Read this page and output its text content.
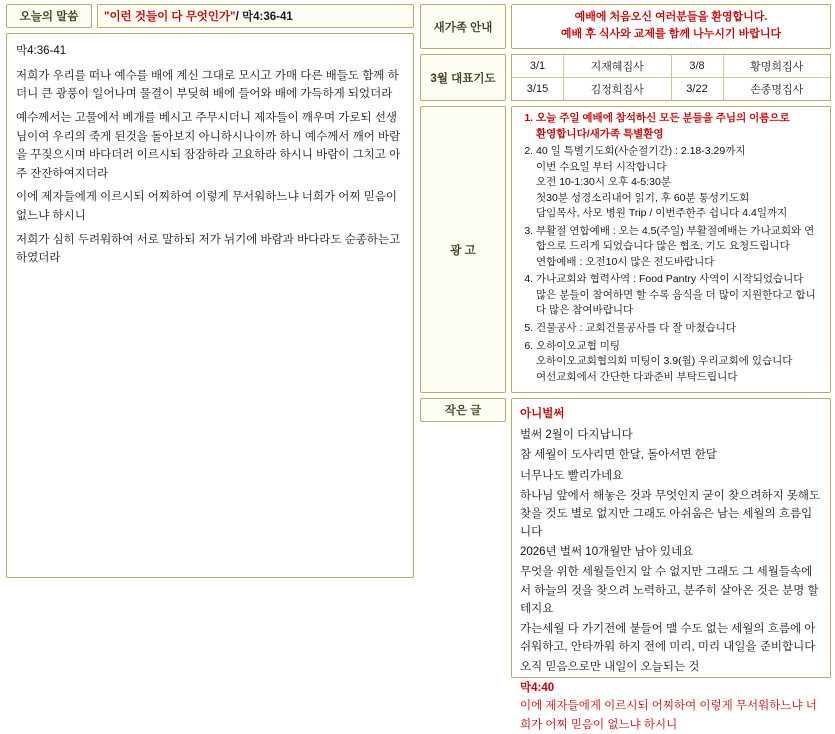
오늘의 말씀	"이런 것들이 다 무엇인가" / 막4:36-41
막4:36-41

저희가 우리를 떠나 예수를 배에 계신 그대로 모시고 가매 다른 배들도 함께 하더니 큰 광풍이 일어나며 물결이 부딪혀 배에 들어와 배에 가득하게 되었더라

예수께서는 고물에서 베개를 베시고 주무시더니 제자들이 깨우며 가로되 선생님이여 우리의 죽게 된것을 돌아보지 아니하시나이까 하니 예수께서 깨어 바람을 꾸짖으시며 바다더러 이르시되 잠잠하라 고요하라 하시니 바람이 그치고 아주 잔잔하여지더라

이에 제자들에게 이르시되 어찌하여 이렇게 무서워하느냐 너희가 어찌 믿음이 없느냐 하시니

저희가 심히 두려워하여 서로 말하되 저가 뉘기에 바람과 바다라도 순종하는고 하였더라

새가족 안내
예배에 처음오신 여러분들을 환영합니다.
예배 후 식사와 교제를 함께 나누시기 바랍니다
3월 대표기도
3/1	지재혜집사	3/8	황명희집사
3/15	김정희집사	3/22	손종명집사
광 고
1. 오늘 주일 예배에 참석하신 모든 분들을 주님의 이름으로
환영합니다/새가족 특별환영
2. 40 일 특별기도회(사순절기간) : 2.18-3.29까지
이번 수요일 부터 시작합니다
오전 10-1:30시 오후 4-5:30분
첫30분 성경소리내어 읽기, 후 60분 통성기도회
담임목사, 사모 병원 Trip / 이번주한주 쉽니다 4.4일까지
3. 부활절 연합예배 : 오는 4.5(주일) 부활절예배는 가나교회와 연합으로 드리게 되었습니다 많은 협조, 기도 요청드립니다
연합예배 : 오전10시 많은 전도바랍니다
4. 가나교회와 협력사역 : Food Pantry 사역이 시작되었습니다
많은 분들이 참여하면 할 수록 음식을 더 많이 지원한다고 합니다 많은 참여바랍니다
5. 건물공사 : 교회건물공사를 다 잘 마쳤습니다
6. 오하이오교협 미팅
오하이오교회협의회 미팅이 3.9(월) 우리교회에 있습니다
여선교회에서 간단한 다과준비 부탁드립니다
작은 글	아니벌써

벌써 2월이 다지납니다

참 세월이 도사리면 한달, 돌아서면 한달

너무나도 빨리가네요

하나님 앞에서 해놓은 것과 무엇인지 굳이 찾으려하지 못해도 찾을 것도 별로 없지만 그래도 아쉬움은 남는 세월의 흐름입니다

2026년 벌써 10개월만 남아 있네요

무엇을 위한 세월들인지 알 수 없지만 그래도 그 세월들속에서 하늘의 것을 찾으려 노력하고, 분주히 살아온 것은 분명 할테지요

가는세월 다 가기전에 붙들어 맬 수도 없는 세월의 흐름에 아쉬워하고, 안타까워 하지 전에 미리, 미리 내일을 준비합니다

오직 믿음으로만 내일이 오늘되는 것

막4:40
이에 제자들에게 이르시되 어찌하여 이렇게 무서워하느냐 너희가 어찌 믿음이 없느냐 하시니
